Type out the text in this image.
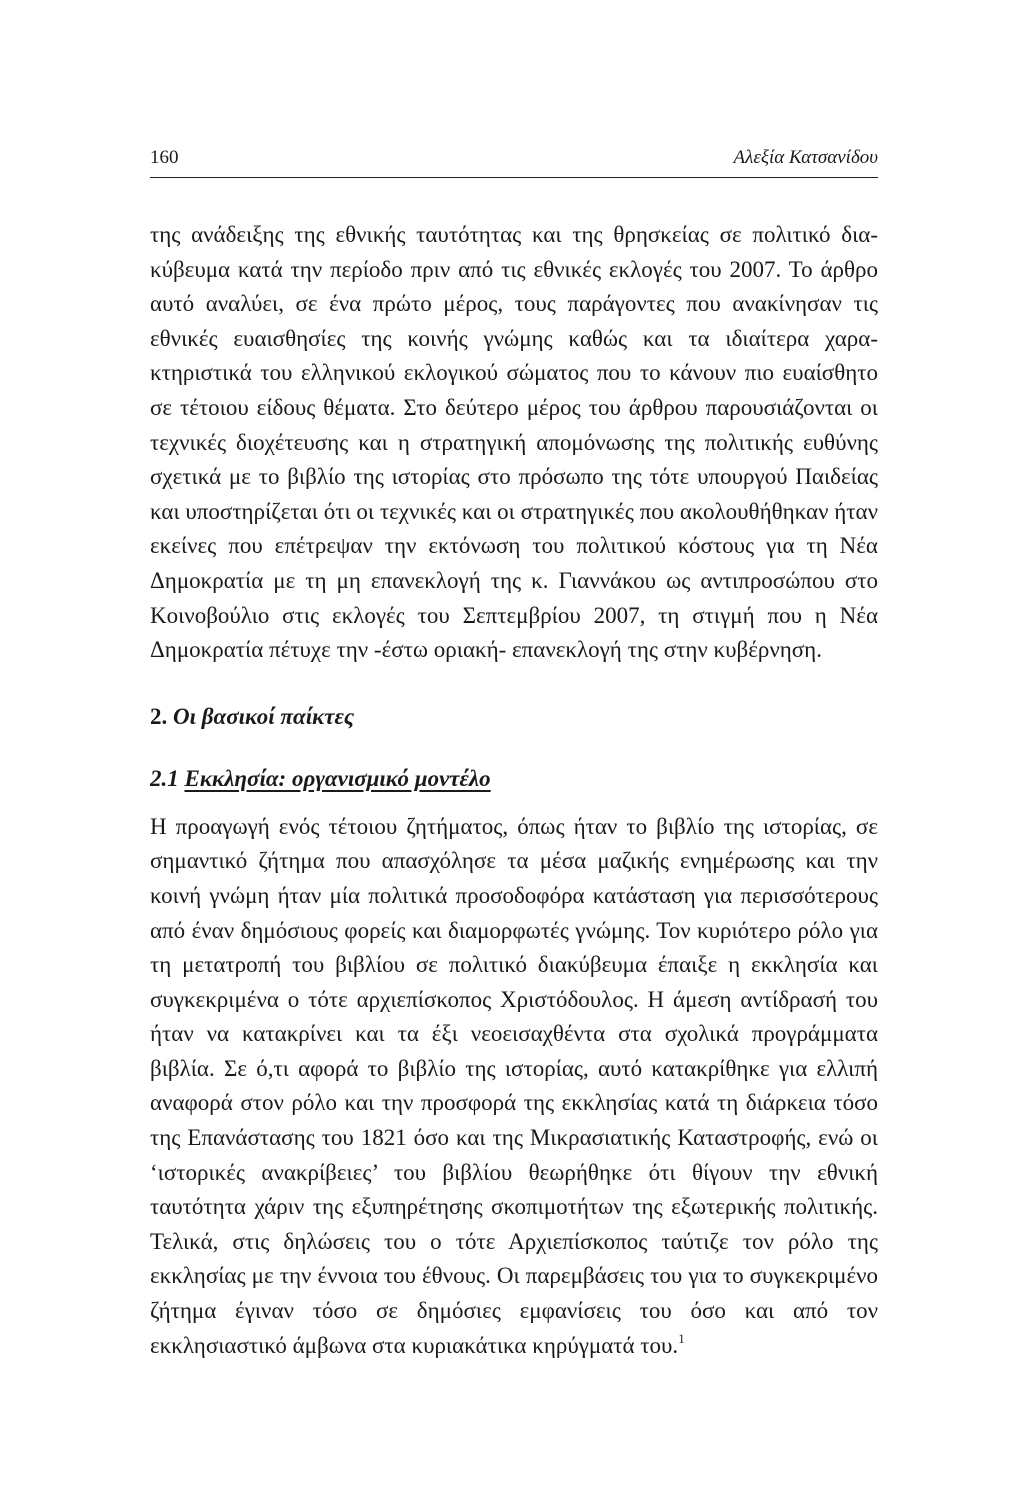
160	Αλεξία Κατσανίδου

της ανάδειξης της εθνικής ταυτότητας και της θρησκείας σε πολιτικό διακύβευμα κατά την περίοδο πριν από τις εθνικές εκλογές του 2007. Το άρθρο αυτό αναλύει, σε ένα πρώτο μέρος, τους παράγοντες που ανακίνησαν τις εθνικές ευαισθησίες της κοινής γνώμης καθώς και τα ιδιαίτερα χαρακτηριστικά του ελληνικού εκλογικού σώματος που το κάνουν πιο ευαίσθητο σε τέτοιου είδους θέματα. Στο δεύτερο μέρος του άρθρου παρουσιάζονται οι τεχνικές διοχέτευσης και η στρατηγική απομόνωσης της πολιτικής ευθύνης σχετικά με το βιβλίο της ιστορίας στο πρόσωπο της τότε υπουργού Παιδείας και υποστηρίζεται ότι οι τεχνικές και οι στρατηγικές που ακολουθήθηκαν ήταν εκείνες που επέτρεψαν την εκτόνωση του πολιτικού κόστους για τη Νέα Δημοκρατία με τη μη επανεκλογή της κ. Γιαννάκου ως αντιπροσώπου στο Κοινοβούλιο στις εκλογές του Σεπτεμβρίου 2007, τη στιγμή που η Νέα Δημοκρατία πέτυχε την -έστω οριακή- επανεκλογή της στην κυβέρνηση.

2. Οι βασικοί παίκτες
2.1 Εκκλησία: οργανισμικό μοντέλο

Η προαγωγή ενός τέτοιου ζητήματος, όπως ήταν το βιβλίο της ιστορίας, σε σημαντικό ζήτημα που απασχόλησε τα μέσα μαζικής ενημέρωσης και την κοινή γνώμη ήταν μία πολιτικά προσοδοφόρα κατάσταση για περισσότερους από έναν δημόσιους φορείς και διαμορφωτές γνώμης. Τον κυριότερο ρόλο για τη μετατροπή του βιβλίου σε πολιτικό διακύβευμα έπαιξε η εκκλησία και συγκεκριμένα ο τότε αρχιεπίσκοπος Χριστόδουλος. Η άμεση αντίδρασή του ήταν να κατακρίνει και τα έξι νεοεισαχθέντα στα σχολικά προγράμματα βιβλία. Σε ό,τι αφορά το βιβλίο της ιστορίας, αυτό κατακρίθηκε για ελλιπή αναφορά στον ρόλο και την προσφορά της εκκλησίας κατά τη διάρκεια τόσο της Επανάστασης του 1821 όσο και της Μικρασιατικής Καταστροφής, ενώ οι ‘ιστορικές ανακρίβειες’ του βιβλίου θεωρήθηκε ότι θίγουν την εθνική ταυτότητα χάριν της εξυπηρέτησης σκοπιμοτήτων της εξωτερικής πολιτικής. Τελικά, στις δηλώσεις του ο τότε Αρχιεπίσκοπος ταύτιζε τον ρόλο της εκκλησίας με την έννοια του έθνους. Οι παρεμβάσεις του για το συγκεκριμένο ζήτημα έγιναν τόσο σε δημόσιες εμφανίσεις του όσο και από τον εκκλησιαστικό άμβωνα στα κυριακάτικα κηρύγματά του.$^1$
